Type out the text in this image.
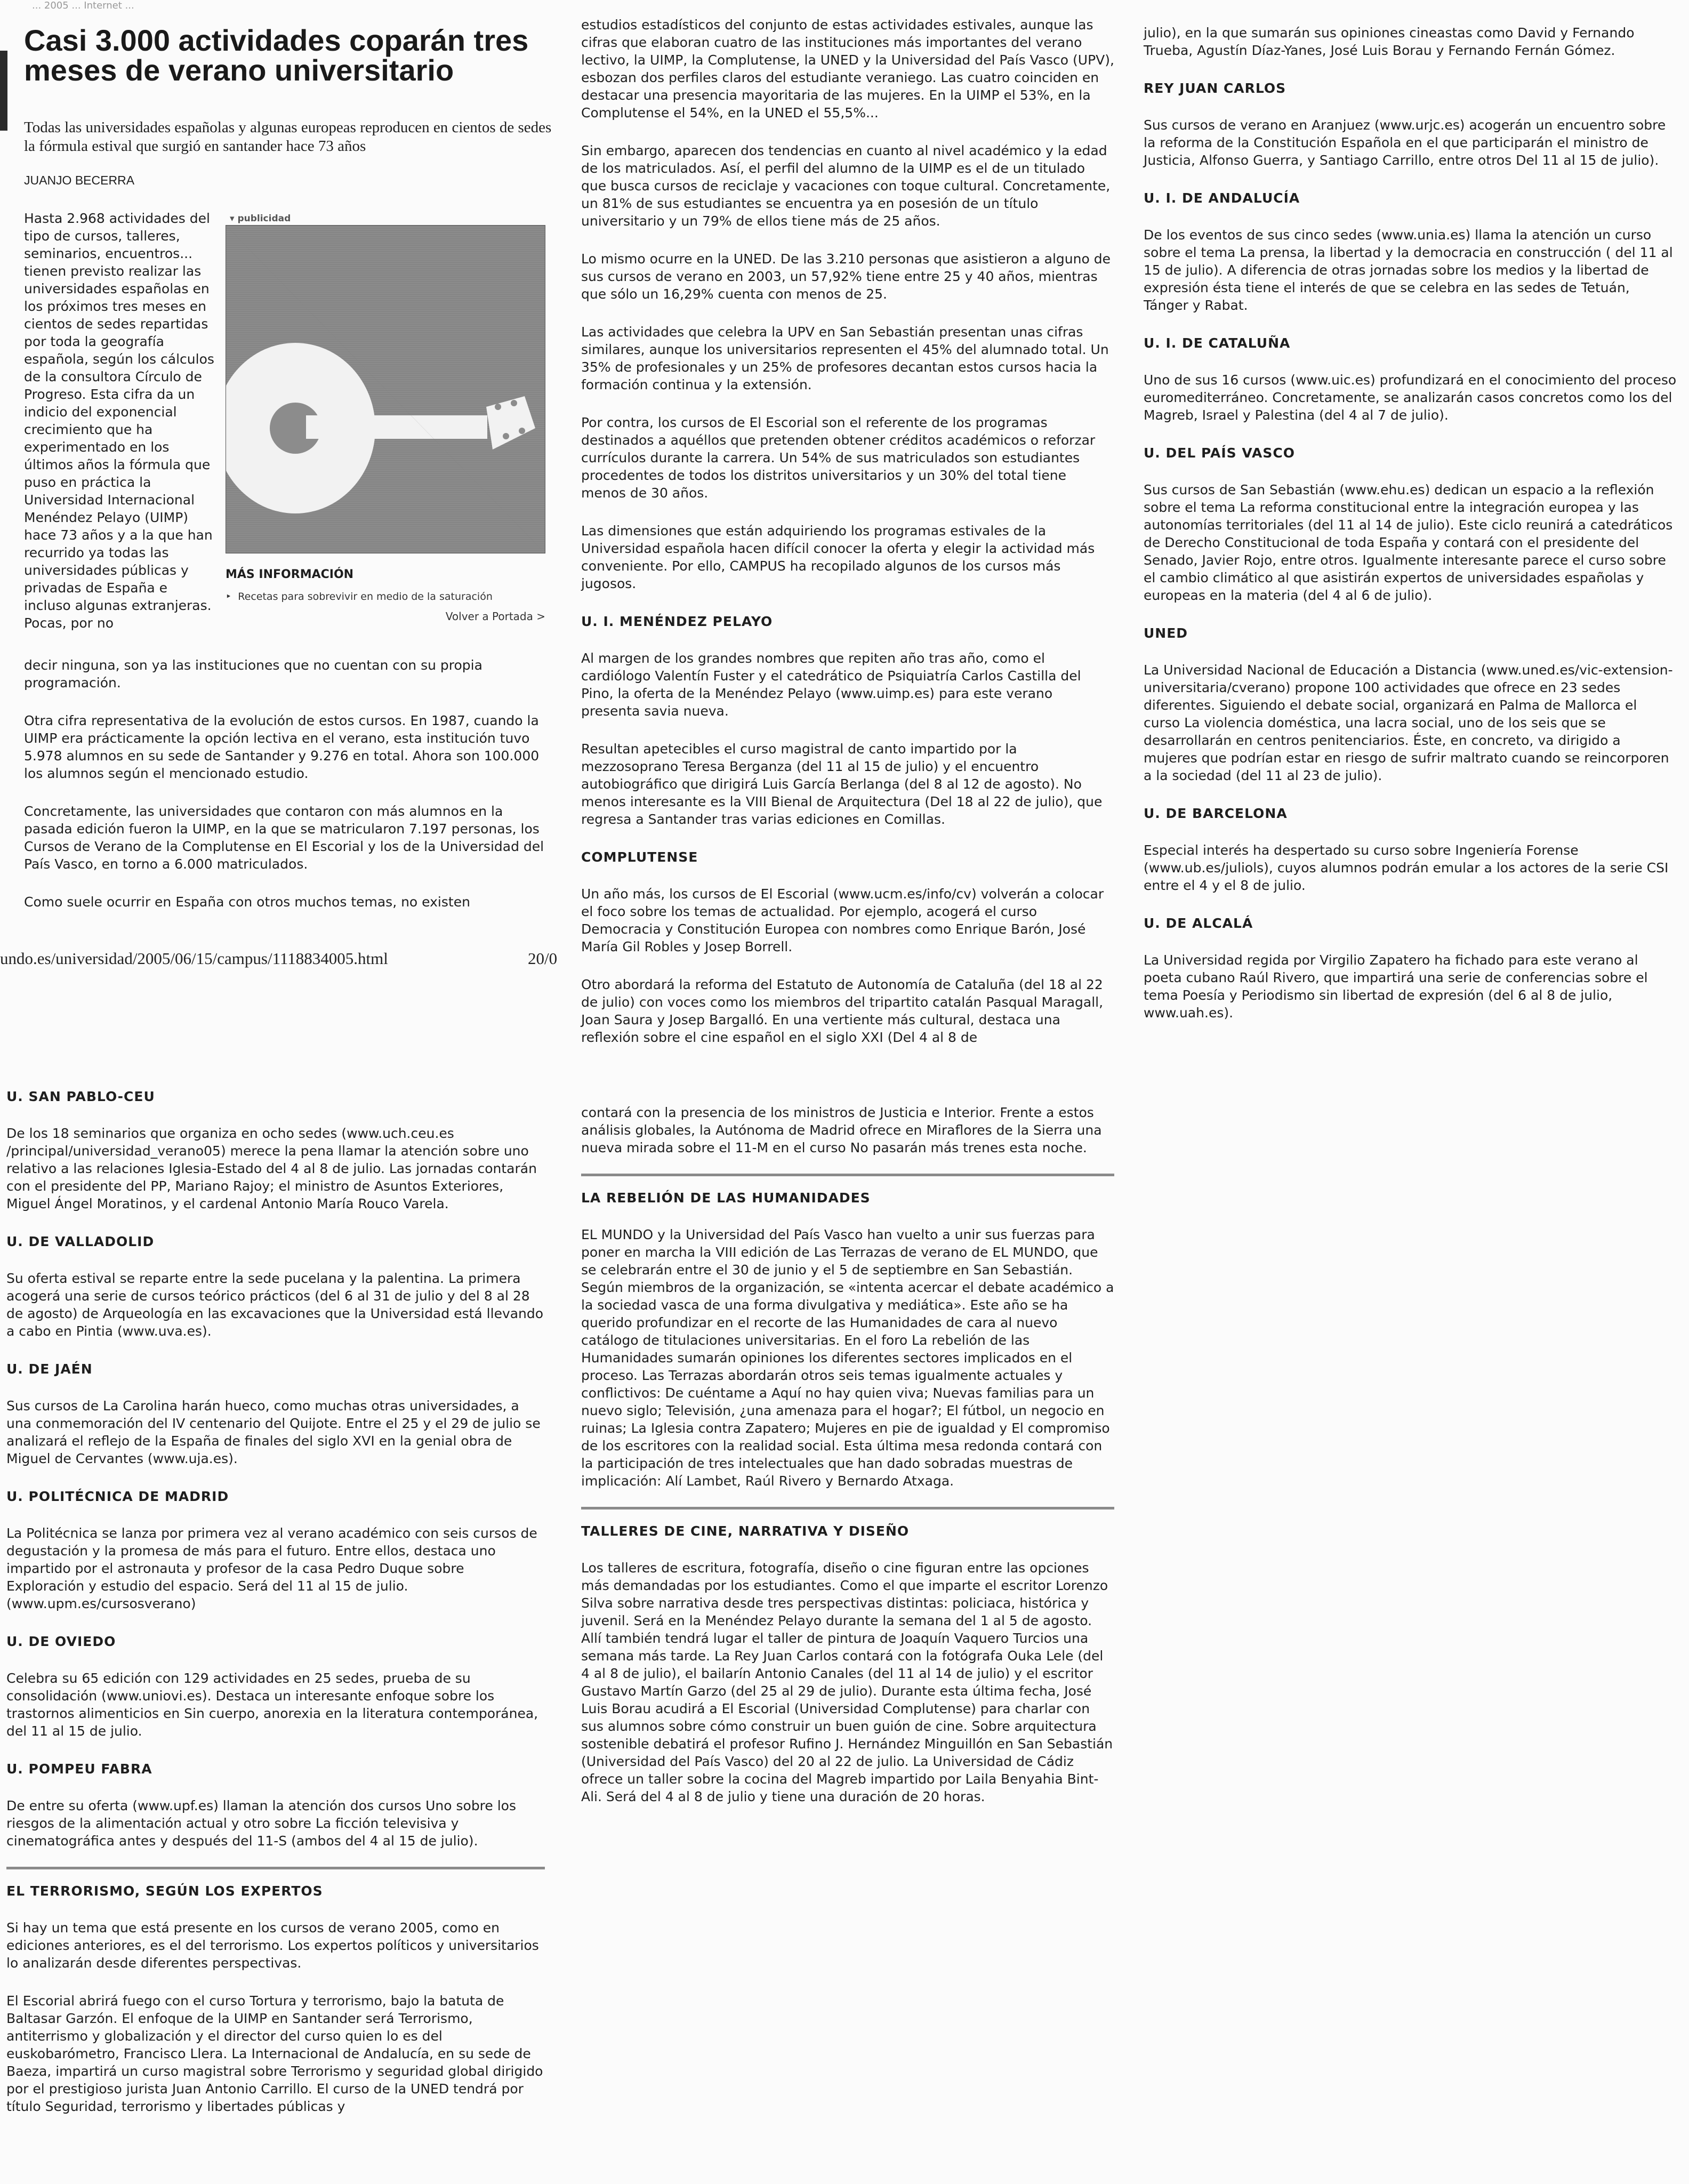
... 2005 ... Internet ...
Casi 3.000 actividades coparán tres meses de verano universitario
Todas las universidades españolas y algunas europeas reproducen en cientos de sedes la fórmula estival que surgió en santander hace 73 años
JUANJO BECERRA
Hasta 2.968 actividades del tipo de cursos, talleres, seminarios, encuentros... tienen previsto realizar las universidades españolas en los próximos tres meses en cientos de sedes repartidas por toda la geografía española, según los cálculos de la consultora Círculo de Progreso. Esta cifra da un indicio del exponencial crecimiento que ha experimentado en los últimos años la fórmula que puso en práctica la Universidad Internacional Menéndez Pelayo (UIMP) hace 73 años y a la que han recurrido ya todas las universidades públicas y privadas de España e incluso algunas extranjeras. Pocas, por no
▾ publicidad
MÁS INFORMACIÓN
‣  Recetas para sobrevivir en medio de la saturación
Volver a Portada >

decir ninguna, son ya las instituciones que no cuentan con su propia programación.

Otra cifra representativa de la evolución de estos cursos. En 1987, cuando la UIMP era prácticamente la opción lectiva en el verano, esta institución tuvo 5.978 alumnos en su sede de Santander y 9.276 en total. Ahora son 100.000 los alumnos según el mencionado estudio.

Concretamente, las universidades que contaron con más alumnos en la pasada edición fueron la UIMP, en la que se matricularon 7.197 personas, los Cursos de Verano de la Complutense en El Escorial y los de la Universidad del País Vasco, en torno a 6.000 matriculados.

Como suele ocurrir en España con otros muchos temas, no existen

undo.es/universidad/2005/06/15/campus/1118834005.html	20/0

estudios estadísticos del conjunto de estas actividades estivales, aunque las cifras que elaboran cuatro de las instituciones más importantes del verano lectivo, la UIMP, la Complutense, la UNED y la Universidad del País Vasco (UPV), esbozan dos perfiles claros del estudiante veraniego. Las cuatro coinciden en destacar una presencia mayoritaria de las mujeres. En la UIMP el 53%, en la Complutense el 54%, en la UNED el 55,5%...

Sin embargo, aparecen dos tendencias en cuanto al nivel académico y la edad de los matriculados. Así, el perfil del alumno de la UIMP es el de un titulado que busca cursos de reciclaje y vacaciones con toque cultural. Concretamente, un 81% de sus estudiantes se encuentra ya en posesión de un título universitario y un 79% de ellos tiene más de 25 años.

Lo mismo ocurre en la UNED. De las 3.210 personas que asistieron a alguno de sus cursos de verano en 2003, un 57,92% tiene entre 25 y 40 años, mientras que sólo un 16,29% cuenta con menos de 25.

Las actividades que celebra la UPV en San Sebastián presentan unas cifras similares, aunque los universitarios representen el 45% del alumnado total. Un 35% de profesionales y un 25% de profesores decantan estos cursos hacia la formación continua y la extensión.

Por contra, los cursos de El Escorial son el referente de los programas destinados a aquéllos que pretenden obtener créditos académicos o reforzar currículos durante la carrera. Un 54% de sus matriculados son estudiantes procedentes de todos los distritos universitarios y un 30% del total tiene menos de 30 años.

Las dimensiones que están adquiriendo los programas estivales de la Universidad española hacen difícil conocer la oferta y elegir la actividad más conveniente. Por ello, CAMPUS ha recopilado algunos de los cursos más jugosos.

U. I. MENÉNDEZ PELAYO

Al margen de los grandes nombres que repiten año tras año, como el cardiólogo Valentín Fuster y el catedrático de Psiquiatría Carlos Castilla del Pino, la oferta de la Menéndez Pelayo (www.uimp.es) para este verano presenta savia nueva.

Resultan apetecibles el curso magistral de canto impartido por la mezzosoprano Teresa Berganza (del 11 al 15 de julio) y el encuentro autobiográfico que dirigirá Luis García Berlanga (del 8 al 12 de agosto). No menos interesante es la VIII Bienal de Arquitectura (Del 18 al 22 de julio), que regresa a Santander tras varias ediciones en Comillas.

COMPLUTENSE

Un año más, los cursos de El Escorial (www.ucm.es/info/cv) volverán a colocar el foco sobre los temas de actualidad. Por ejemplo, acogerá el curso Democracia y Constitución Europea con nombres como Enrique Barón, José María Gil Robles y Josep Borrell.

Otro abordará la reforma del Estatuto de Autonomía de Cataluña (del 18 al 22 de julio) con voces como los miembros del tripartito catalán Pasqual Maragall, Joan Saura y Josep Bargalló. En una vertiente más cultural, destaca una reflexión sobre el cine español en el siglo XXI (Del 4 al 8 de

contará con la presencia de los ministros de Justicia e Interior. Frente a estos análisis globales, la Autónoma de Madrid ofrece en Miraflores de la Sierra una nueva mirada sobre el 11-M en el curso No pasarán más trenes esta noche.

LA REBELIÓN DE LAS HUMANIDADES

EL MUNDO y la Universidad del País Vasco han vuelto a unir sus fuerzas para poner en marcha la VIII edición de Las Terrazas de verano de EL MUNDO, que se celebrarán entre el 30 de junio y el 5 de septiembre en San Sebastián. Según miembros de la organización, se «intenta acercar el debate académico a la sociedad vasca de una forma divulgativa y mediática». Este año se ha querido profundizar en el recorte de las Humanidades de cara al nuevo catálogo de titulaciones universitarias. En el foro La rebelión de las Humanidades sumarán opiniones los diferentes sectores implicados en el proceso. Las Terrazas abordarán otros seis temas igualmente actuales y conflictivos: De cuéntame a Aquí no hay quien viva; Nuevas familias para un nuevo siglo; Televisión, ¿una amenaza para el hogar?; El fútbol, un negocio en ruinas; La Iglesia contra Zapatero; Mujeres en pie de igualdad y El compromiso de los escritores con la realidad social. Esta última mesa redonda contará con la participación de tres intelectuales que han dado sobradas muestras de implicación: Alí Lambet, Raúl Rivero y Bernardo Atxaga.

TALLERES DE CINE, NARRATIVA Y DISEÑO

Los talleres de escritura, fotografía, diseño o cine figuran entre las opciones más demandadas por los estudiantes. Como el que imparte el escritor Lorenzo Silva sobre narrativa desde tres perspectivas distintas: policiaca, histórica y juvenil. Será en la Menéndez Pelayo durante la semana del 1 al 5 de agosto. Allí también tendrá lugar el taller de pintura de Joaquín Vaquero Turcios una semana más tarde. La Rey Juan Carlos contará con la fotógrafa Ouka Lele (del 4 al 8 de julio), el bailarín Antonio Canales (del 11 al 14 de julio) y el escritor Gustavo Martín Garzo (del 25 al 29 de julio). Durante esta última fecha, José Luis Borau acudirá a El Escorial (Universidad Complutense) para charlar con sus alumnos sobre cómo construir un buen guión de cine. Sobre arquitectura sostenible debatirá el profesor Rufino J. Hernández Minguillón en San Sebastián (Universidad del País Vasco) del 20 al 22 de julio. La Universidad de Cádiz ofrece un taller sobre la cocina del Magreb impartido por Laila Benyahia Bint-Ali. Será del 4 al 8 de julio y tiene una duración de 20 horas.

julio), en la que sumarán sus opiniones cineastas como David y Fernando Trueba, Agustín Díaz-Yanes, José Luis Borau y Fernando Fernán Gómez.

REY JUAN CARLOS

Sus cursos de verano en Aranjuez (www.urjc.es) acogerán un encuentro sobre la reforma de la Constitución Española en el que participarán el ministro de Justicia, Alfonso Guerra, y Santiago Carrillo, entre otros Del 11 al 15 de julio).

U. I. DE ANDALUCÍA

De los eventos de sus cinco sedes (www.unia.es) llama la atención un curso sobre el tema La prensa, la libertad y la democracia en construcción ( del 11 al 15 de julio). A diferencia de otras jornadas sobre los medios y la libertad de expresión ésta tiene el interés de que se celebra en las sedes de Tetuán, Tánger y Rabat.

U. I. DE CATALUÑA

Uno de sus 16 cursos (www.uic.es) profundizará en el conocimiento del proceso euromediterráneo. Concretamente, se analizarán casos concretos como los del Magreb, Israel y Palestina (del 4 al 7 de julio).

U. DEL PAÍS VASCO

Sus cursos de San Sebastián (www.ehu.es) dedican un espacio a la reflexión sobre el tema La reforma constitucional entre la integración europea y las autonomías territoriales (del 11 al 14 de julio). Este ciclo reunirá a catedráticos de Derecho Constitucional de toda España y contará con el presidente del Senado, Javier Rojo, entre otros. Igualmente interesante parece el curso sobre el cambio climático al que asistirán expertos de universidades españolas y europeas en la materia (del 4 al 6 de julio).

UNED

La Universidad Nacional de Educación a Distancia (www.uned.es/vic-extension-universitaria/cverano) propone 100 actividades que ofrece en 23 sedes diferentes. Siguiendo el debate social, organizará en Palma de Mallorca el curso La violencia doméstica, una lacra social, uno de los seis que se desarrollarán en centros penitenciarios. Éste, en concreto, va dirigido a mujeres que podrían estar en riesgo de sufrir maltrato cuando se reincorporen a la sociedad (del 11 al 23 de julio).

U. DE BARCELONA

Especial interés ha despertado su curso sobre Ingeniería Forense (www.ub.es/juliols), cuyos alumnos podrán emular a los actores de la serie CSI entre el 4 y el 8 de julio.

U. DE ALCALÁ

La Universidad regida por Virgilio Zapatero ha fichado para este verano al poeta cubano Raúl Rivero, que impartirá una serie de conferencias sobre el tema Poesía y Periodismo sin libertad de expresión (del 6 al 8 de julio, www.uah.es).

U. SAN PABLO-CEU

De los 18 seminarios que organiza en ocho sedes (www.uch.ceu.es /principal/universidad_verano05) merece la pena llamar la atención sobre uno relativo a las relaciones Iglesia-Estado del 4 al 8 de julio. Las jornadas contarán con el presidente del PP, Mariano Rajoy; el ministro de Asuntos Exteriores, Miguel Ángel Moratinos, y el cardenal Antonio María Rouco Varela.

U. DE VALLADOLID

Su oferta estival se reparte entre la sede pucelana y la palentina. La primera acogerá una serie de cursos teórico prácticos (del 6 al 31 de julio y del 8 al 28 de agosto) de Arqueología en las excavaciones que la Universidad está llevando a cabo en Pintia (www.uva.es).

U. DE JAÉN

Sus cursos de La Carolina harán hueco, como muchas otras universidades, a una conmemoración del IV centenario del Quijote. Entre el 25 y el 29 de julio se analizará el reflejo de la España de finales del siglo XVI en la genial obra de Miguel de Cervantes (www.uja.es).

U. POLITÉCNICA DE MADRID

La Politécnica se lanza por primera vez al verano académico con seis cursos de degustación y la promesa de más para el futuro. Entre ellos, destaca uno impartido por el astronauta y profesor de la casa Pedro Duque sobre Exploración y estudio del espacio. Será del 11 al 15 de julio. (www.upm.es/cursosverano)

U. DE OVIEDO

Celebra su 65 edición con 129 actividades en 25 sedes, prueba de su consolidación (www.uniovi.es). Destaca un interesante enfoque sobre los trastornos alimenticios en Sin cuerpo, anorexia en la literatura contemporánea, del 11 al 15 de julio.

U. POMPEU FABRA

De entre su oferta (www.upf.es) llaman la atención dos cursos Uno sobre los riesgos de la alimentación actual y otro sobre La ficción televisiva y cinematográfica antes y después del 11-S (ambos del 4 al 15 de julio).

EL TERRORISMO, SEGÚN LOS EXPERTOS

Si hay un tema que está presente en los cursos de verano 2005, como en ediciones anteriores, es el del terrorismo. Los expertos políticos y universitarios lo analizarán desde diferentes perspectivas.

El Escorial abrirá fuego con el curso Tortura y terrorismo, bajo la batuta de Baltasar Garzón. El enfoque de la UIMP en Santander será Terrorismo, antiterrismo y globalización y el director del curso quien lo es del euskobarómetro, Francisco Llera. La Internacional de Andalucía, en su sede de Baeza, impartirá un curso magistral sobre Terrorismo y seguridad global dirigido por el prestigioso jurista Juan Antonio Carrillo. El curso de la UNED tendrá por título Seguridad, terrorismo y libertades públicas y
